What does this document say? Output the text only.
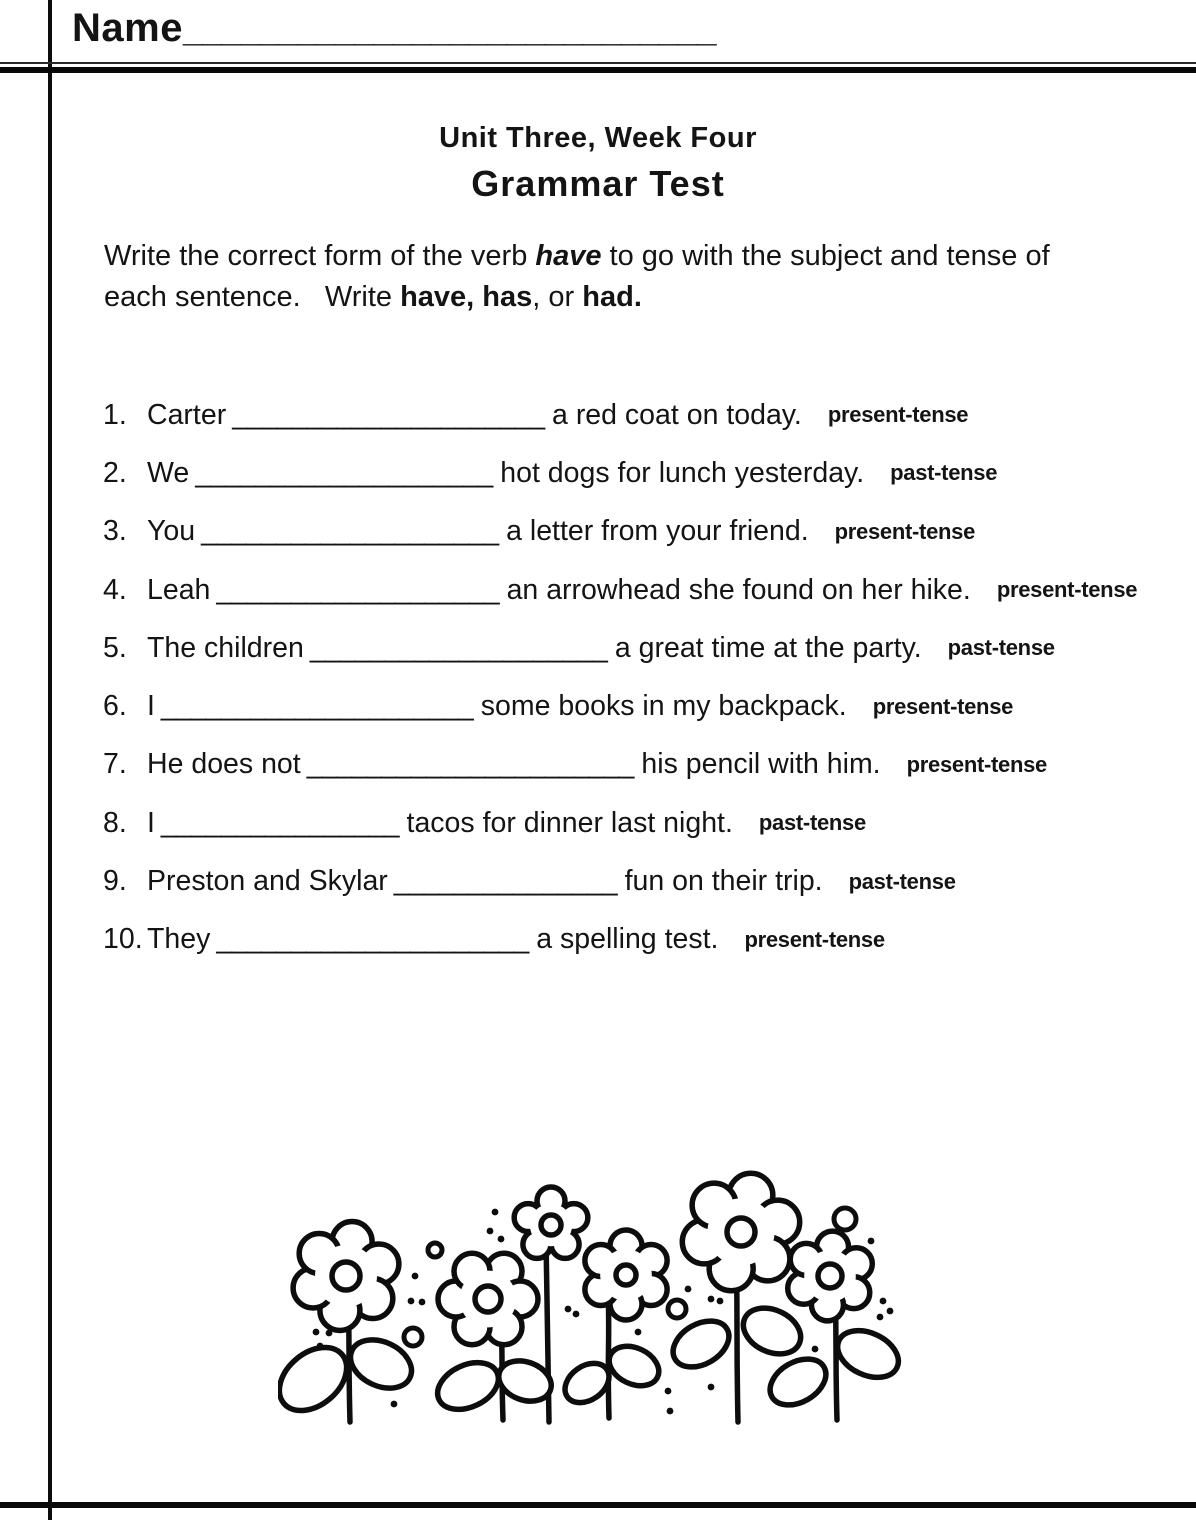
Name____________________________
Unit Three, Week Four
Grammar Test
Write the correct form of the verb have to go with the subject and tense of
each sentence.   Write have, has, or had.
1. Carter _____________________ a red coat on today. present-tense
2. We ____________________ hot dogs for lunch yesterday. past-tense
3. You ____________________ a letter from your friend. present-tense
4. Leah ___________________ an arrowhead she found on her hike. present-tense
5. The children ____________________ a great time at the party. past-tense
6. I _____________________ some books in my backpack. present-tense
7. He does not ______________________ his pencil with him. present-tense
8. I ________________ tacos for dinner last night. past-tense
9. Preston and Skylar _______________ fun on their trip. past-tense
10. They _____________________ a spelling test. present-tense
